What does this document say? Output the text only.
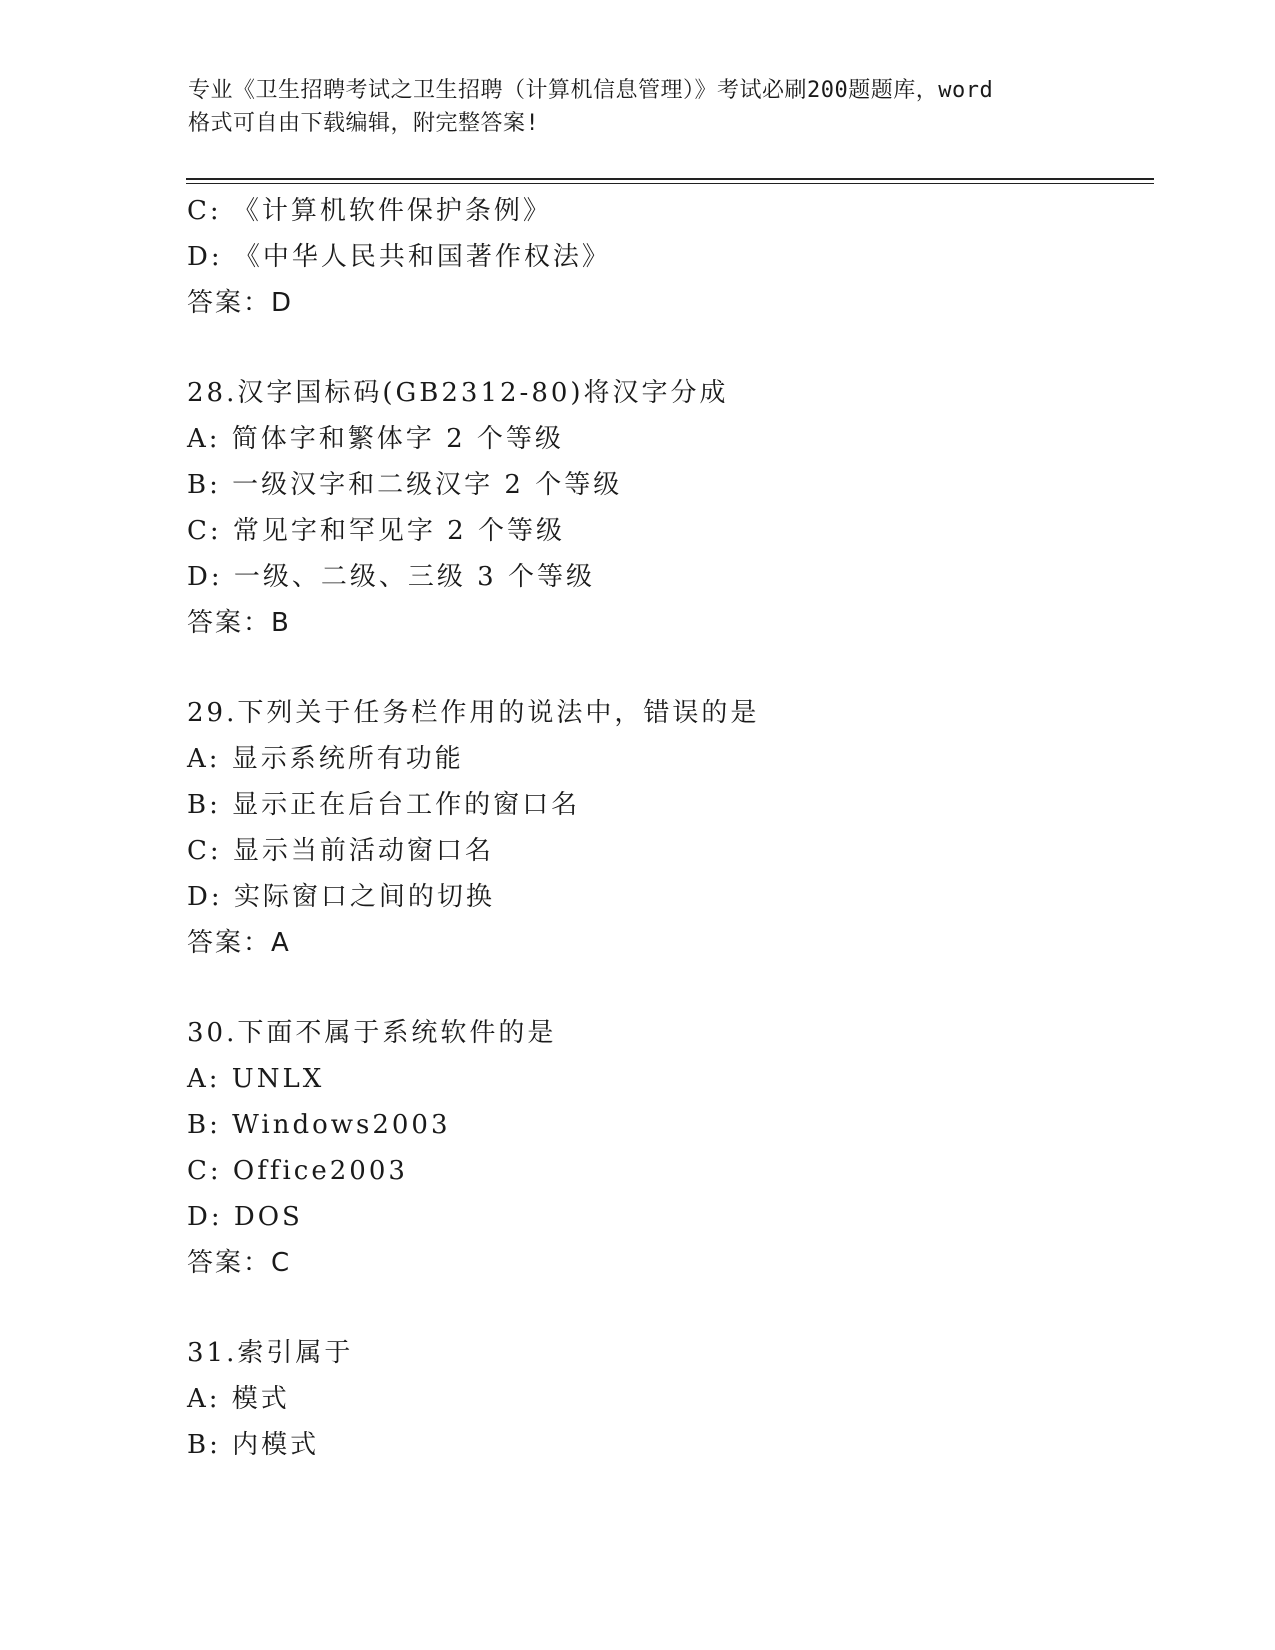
专业《卫生招聘考试之卫生招聘（计算机信息管理）》考试必刷200题题库，word
格式可自由下载编辑，附完整答案!
C: 《计算机软件保护条例》
D: 《中华人民共和国著作权法》
答案：D
28.汉字国标码(GB2312-80)将汉字分成
A: 简体字和繁体字 2 个等级
B: 一级汉字和二级汉字 2 个等级
C: 常见字和罕见字 2 个等级
D: 一级、二级、三级 3 个等级
答案：B
29.下列关于任务栏作用的说法中，错误的是
A: 显示系统所有功能
B: 显示正在后台工作的窗口名
C: 显示当前活动窗口名
D: 实际窗口之间的切换
答案：A
30.下面不属于系统软件的是
A: UNLX
B: Windows2003
C: Office2003
D: DOS
答案：C
31.索引属于
A: 模式
B: 内模式
